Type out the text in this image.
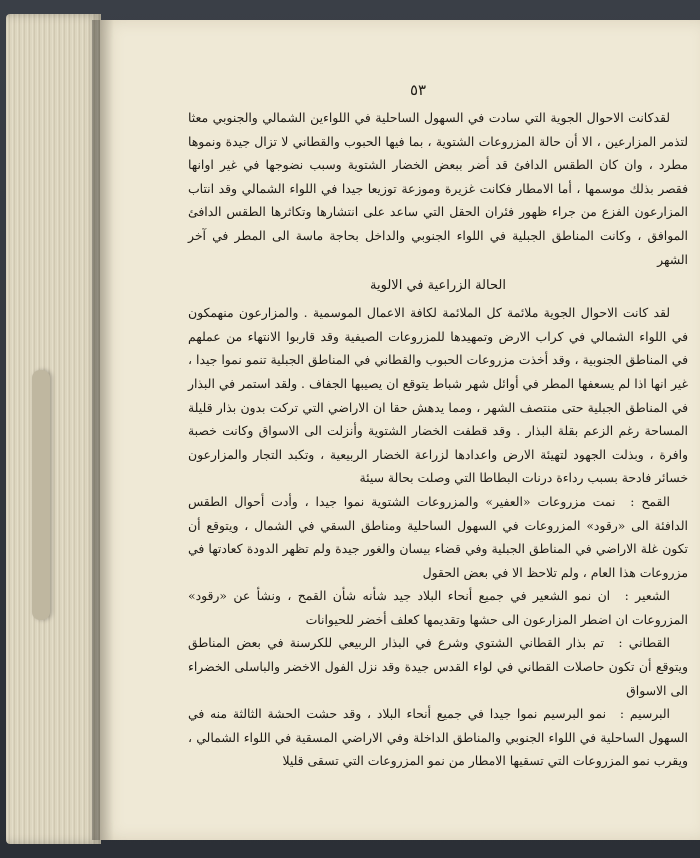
٥٣

لقدكانت الاحوال الجوية التي سادت في السهول الساحلية في اللواءين الشمالي والجنوبي معثا لتذمر المزارعين ، الا أن حالة المزروعات الشتوية ، بما فيها الحبوب والقطاني لا تزال جيدة ونموها مطرد ، وان كان الطقس الدافئ قد أضر ببعض الخضار الشتوية وسبب نضوجها في غير اوانها فقصر بذلك موسمها ، أما الامطار فكانت غزيرة وموزعة توزيعا جيدا في اللواء الشمالي وقد انتاب المزارعون الفزع من جراء ظهور فئران الحقل التي ساعد على انتشارها وتكاثرها الطقس الدافئ الموافق ، وكانت المناطق الجبلية في اللواء الجنوبي والداخل بحاجة ماسة الى المطر في آخر الشهر

الحالة الزراعية في الالوية

لقد كانت الاحوال الجوية ملائمة كل الملائمة لكافة الاعمال الموسمية . والمزارعون منهمكون في اللواء الشمالي في كراب الارض وتمهيدها للمزروعات الصيفية وقد قاربوا الانتهاء من عملهم في المناطق الجنوبية ، وقد أخذت مزروعات الحبوب والقطاني في المناطق الجبلية تنمو نموا جيدا ، غير انها اذا لم يسعفها المطر في أوائل شهر شباط يتوقع ان يصيبها الجفاف . ولقد استمر في البذار في المناطق الجبلية حتى منتصف الشهر ، ومما يدهش حقا ان الاراضي التي تركت بدون بذار قليلة المساحة رغم الزعم بقلة البذار . وقد قطفت الخضار الشتوية وأنزلت الى الاسواق وكانت خصبة وافرة ، وبذلت الجهود لتهيئة الارض واعدادها لزراعة الخضار الربيعية ، وتكبد التجار والمزارعون خسائر فادحة بسبب رداءة درنات البطاطا التي وصلت بحالة سيئة

القمح : نمت مزروعات «العفير» والمزروعات الشتوية نموا جيدا ، وأدت أحوال الطقس الدافئة الى «رقود» المزروعات في السهول الساحلية ومناطق السقي في الشمال ، ويتوقع أن تكون غلة الاراضي في المناطق الجبلية وفي قضاء بيسان والغور جيدة ولم تظهر الدودة كعادتها في مزروعات هذا العام ، ولم تلاحظ الا في بعض الحقول

الشعير : ان نمو الشعير في جميع أنحاء البلاد جيد شأنه شأن القمح ، ونشأ عن «رقود» المزروعات ان اضطر المزارعون الى حشها وتقديمها كعلف أخضر للحيوانات

القطاني : تم بذار القطاني الشتوي وشرع في البذار الربيعي للكرسنة في بعض المناطق ويتوقع أن تكون حاصلات القطاني في لواء القدس جيدة وقد نزل الفول الاخضر والباسلى الخضراء الى الاسواق

البرسيم : نمو البرسيم نموا جيدا في جميع أنحاء البلاد ، وقد حشت الحشة الثالثة منه في السهول الساحلية في اللواء الجنوبي والمناطق الداخلة وفي الاراضي المسقية في اللواء الشمالي ، ويقرب نمو المزروعات التي تسقيها الامطار من نمو المزروعات التي تسقى قليلا
